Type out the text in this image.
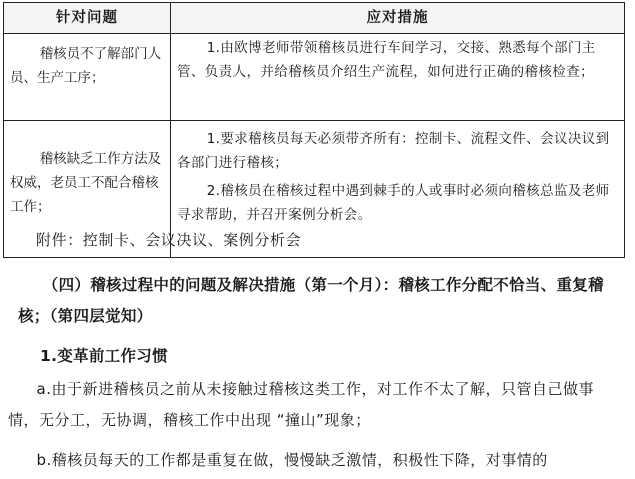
针对问题	应对措施
稽核员不了解部门人员、生产工序；	1.由欧博老师带领稽核员进行车间学习，交接、熟悉每个部门主管、负责人，并给稽核员介绍生产流程，如何进行正确的稽核检查；

稽核缺乏工作方法及权威，老员工不配合稽核工作；	1.要求稽核员每天必须带齐所有：控制卡、流程文件、会议决议到各部门进行稽核；

2.稽核员在稽核过程中遇到棘手的人或事时必须向稽核总监及老师寻求帮助，并召开案例分析会。

附件：控制卡、会议决议、案例分析会
（四）稽核过程中的问题及解决措施（第一个月）：稽核工作分配不恰当、重复稽核；（第四层觉知）
1.变革前工作习惯
a.由于新进稽核员之前从未接触过稽核这类工作，对工作不太了解，只管自己做事情，无分工，无协调，稽核工作中出现 “撞山”现象；
b.稽核员每天的工作都是重复在做，慢慢缺乏激情，积极性下降，对事情的
